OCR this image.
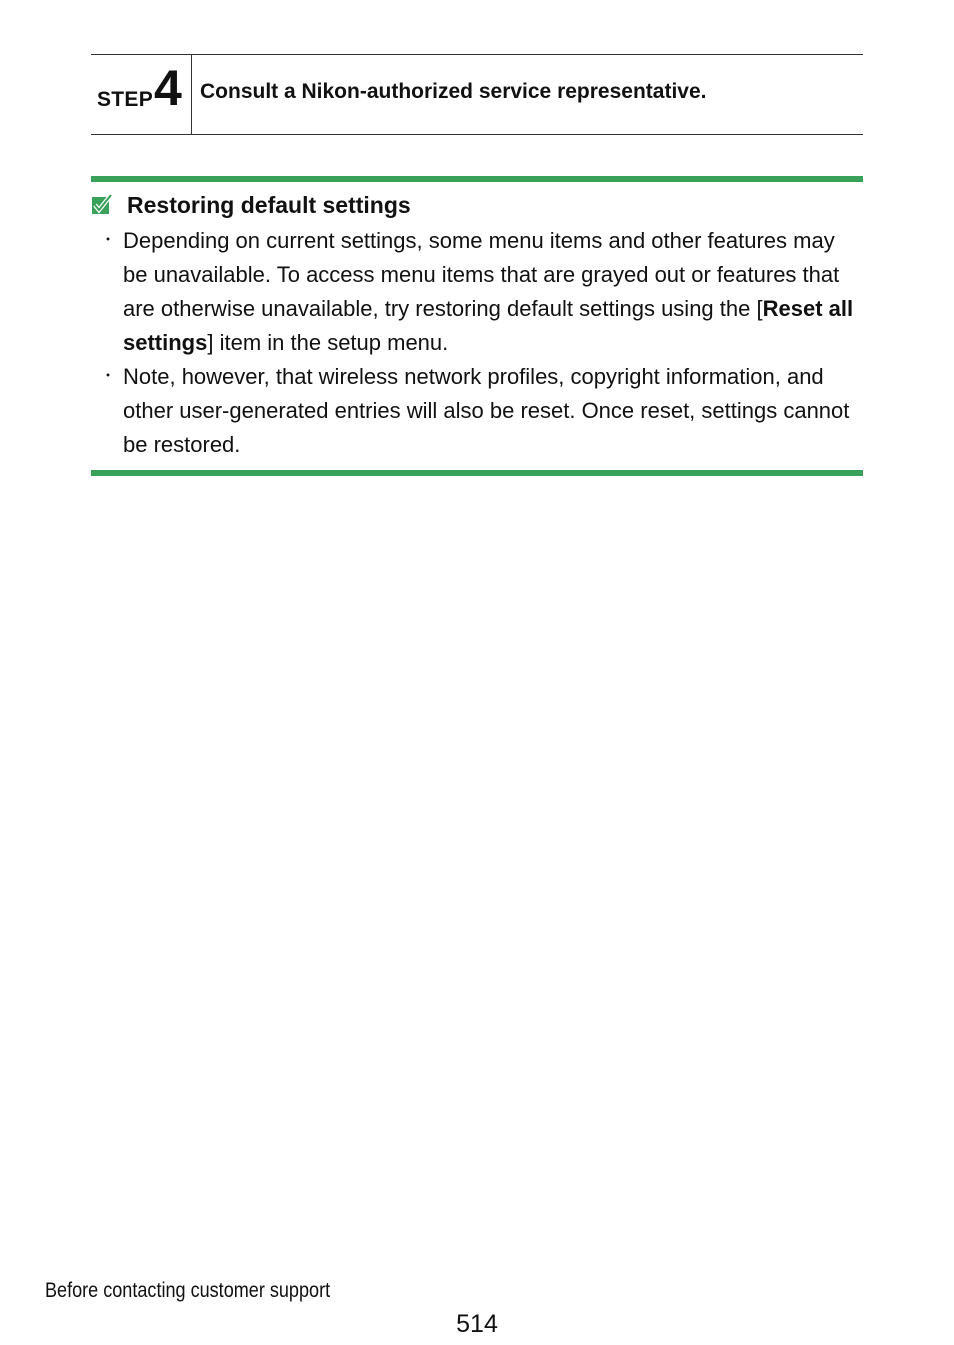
STEP 4 Consult a Nikon-authorized service representative.
Restoring default settings
・ Depending on current settings, some menu items and other features may be unavailable. To access menu items that are grayed out or features that are otherwise unavailable, try restoring default settings using the [Reset all settings] item in the setup menu.
・ Note, however, that wireless network profiles, copyright information, and other user-generated entries will also be reset. Once reset, settings cannot be restored.
Before contacting customer support
514
